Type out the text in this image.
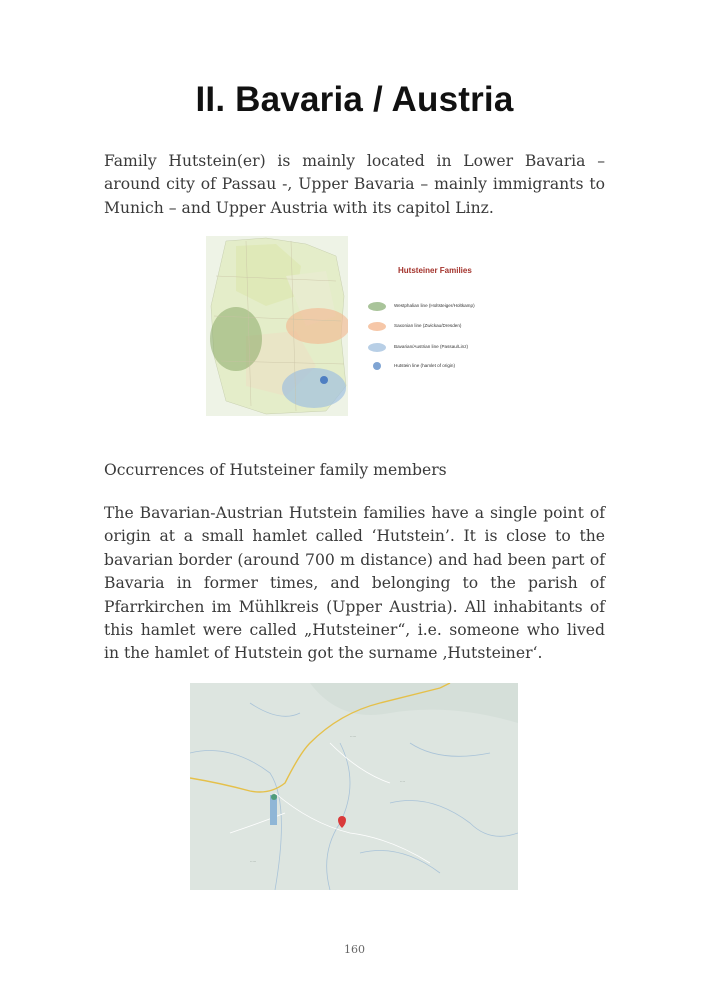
II. Bavaria / Austria

Family Hutstein(er) is mainly located in Lower Bavaria – around city of Passau -, Upper Bavaria – mainly immigrants to Munich – and Upper Austria with its capitol Linz.

Hutsteiner Families
Westphalian line (Holtsteiger/Holtkamp)
Saxonian line (Zwickau/Dresden)
Bavarian/Austrian line (Passau/Linz)
Hutstein line (hamlet of origin)

Occurrences of Hutsteiner family members

The Bavarian-Austrian Hutstein families have a single point of origin at a small hamlet called ‘Hutstein’. It is close to the bavarian border (around 700 m distance) and had been part of Bavaria in former times, and belonging to the parish of Pfarrkirchen im Mühlkreis (Upper Austria). All inhabitants of this hamlet were called „Hutsteiner“, i.e. someone who lived in the hamlet of Hutstein got the surname ‚Hutsteiner‘.

·····
····
·····
160
